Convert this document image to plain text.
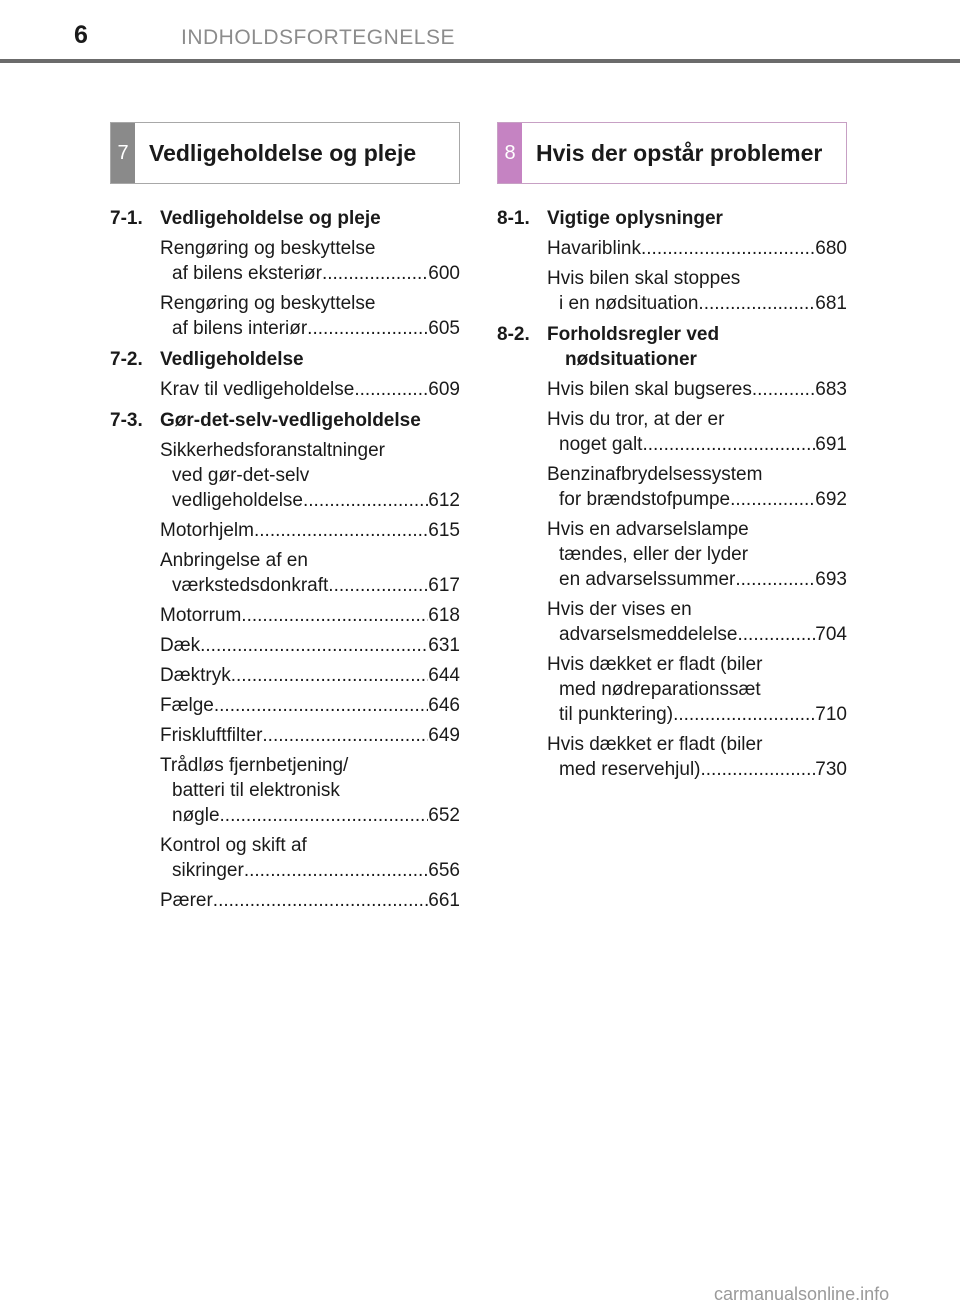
6	INDHOLDSFORTEGNELSE
7 Vedligeholdelse og pleje
7-1. Vedligeholdelse og pleje
Rengøring og beskyttelse
af bilens eksteriør .....	600
Rengøring og beskyttelse
af bilens interiør .....	605
7-2. Vedligeholdelse
Krav til vedligeholdelse .....	609
7-3. Gør-det-selv-vedligeholdelse
Sikkerhedsforanstaltninger
ved gør-det-selv
vedligeholdelse .....	612
Motorhjelm .....	615
Anbringelse af en
værkstedsdonkraft .....	617
Motorrum .....	618
Dæk .....	631
Dæktryk .....	644
Fælge .....	646
Friskluftfilter .....	649
Trådløs fjernbetjening/
batteri til elektronisk
nøgle .....	652
Kontrol og skift af
sikringer .....	656
Pærer .....	661
8 Hvis der opstår problemer
8-1. Vigtige oplysninger
Havariblink .....	680
Hvis bilen skal stoppes
i en nødsituation .....	681
8-2. Forholdsregler ved
nødsituationer
Hvis bilen skal bugseres .....	683
Hvis du tror, at der er
noget galt .....	691
Benzinafbrydelsessystem
for brændstofpumpe .....	692
Hvis en advarselslampe
tændes, eller der lyder
en advarselssummer .....	693
Hvis der vises en
advarselsmeddelelse .....	704
Hvis dækket er fladt (biler
med nødreparationssæt
til punktering) .....	710
Hvis dækket er fladt (biler
med reservehjul) .....	730
carmanualsonline.info
